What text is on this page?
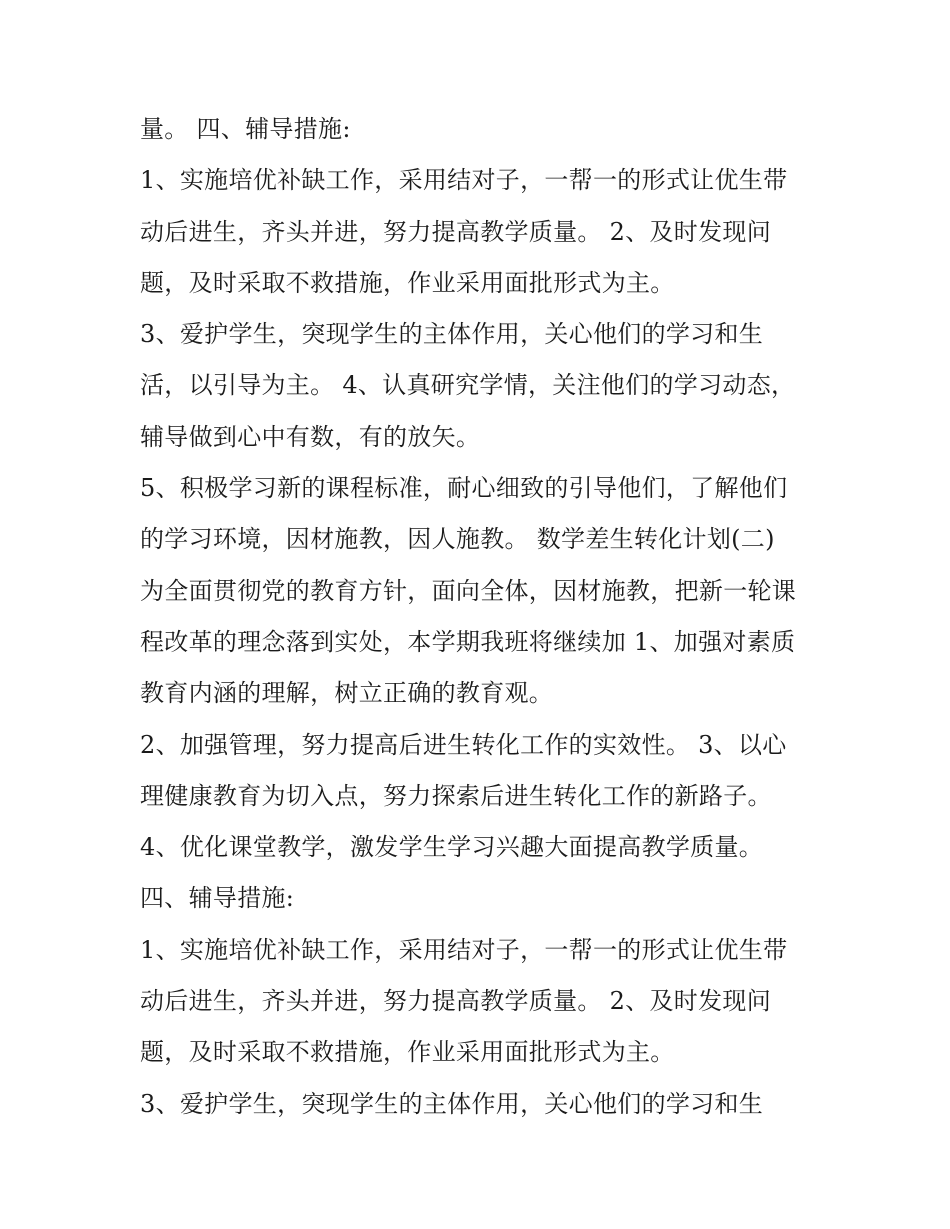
量。 四、辅导措施:
1、实施培优补缺工作，采用结对子，一帮一的形式让优生带
动后进生，齐头并进，努力提高教学质量。 2、及时发现问
题，及时采取不救措施，作业采用面批形式为主。
3、爱护学生，突现学生的主体作用，关心他们的学习和生
活，以引导为主。 4、认真研究学情，关注他们的学习动态，
辅导做到心中有数，有的放矢。
5、积极学习新的课程标准，耐心细致的引导他们，了解他们
的学习环境，因材施教，因人施教。 数学差生转化计划(二)
为全面贯彻党的教育方针，面向全体，因材施教，把新一轮课
程改革的理念落到实处，本学期我班将继续加 1、加强对素质
教育内涵的理解，树立正确的教育观。
2、加强管理，努力提高后进生转化工作的实效性。 3、以心
理健康教育为切入点，努力探索后进生转化工作的新路子。
4、优化课堂教学，激发学生学习兴趣大面提高教学质量。
四、辅导措施:
1、实施培优补缺工作，采用结对子，一帮一的形式让优生带
动后进生，齐头并进，努力提高教学质量。 2、及时发现问
题，及时采取不救措施，作业采用面批形式为主。
3、爱护学生，突现学生的主体作用，关心他们的学习和生
